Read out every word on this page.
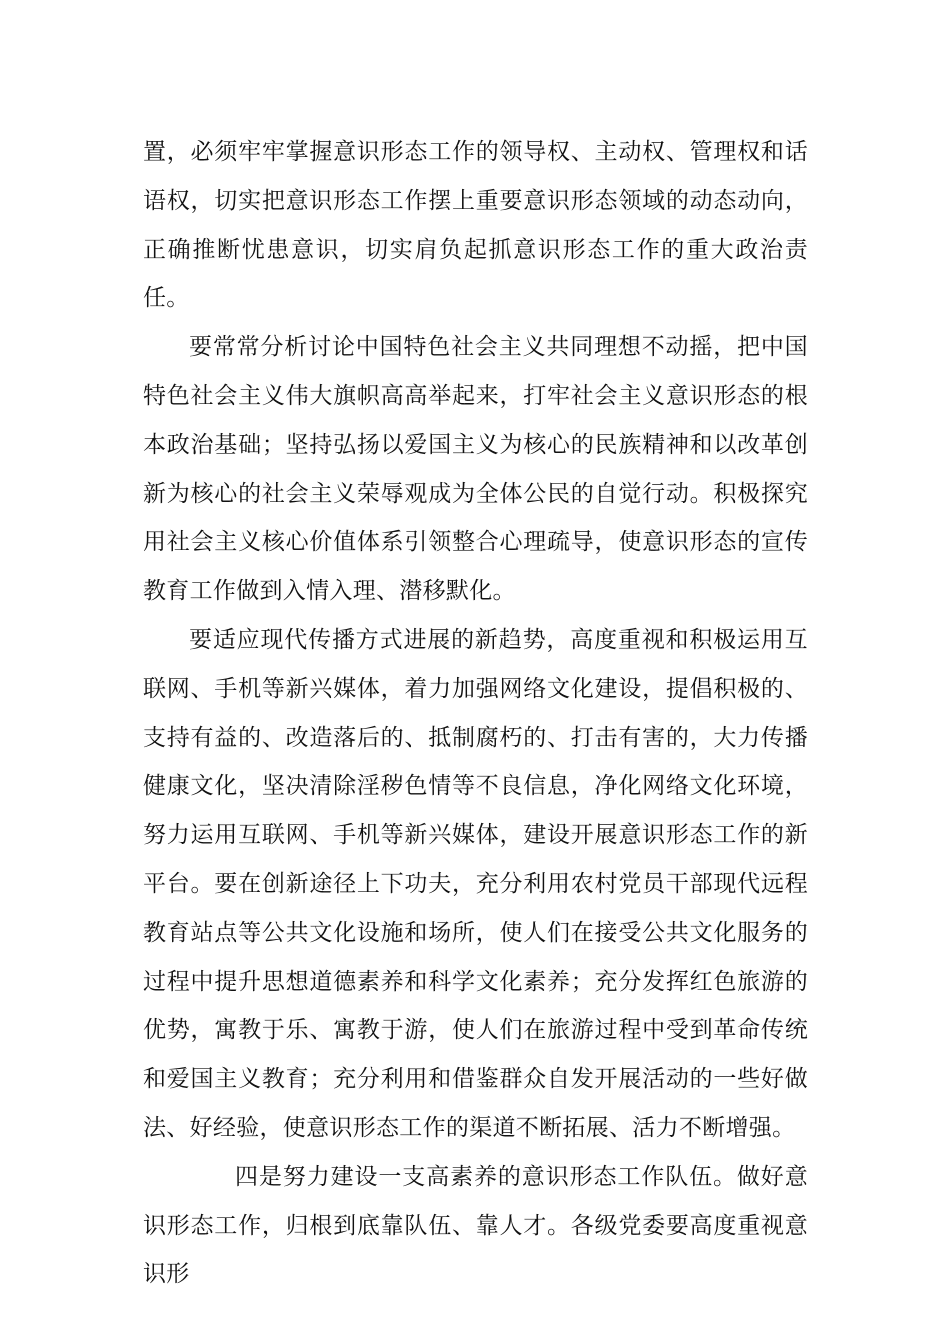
置，必须牢牢掌握意识形态工作的领导权、主动权、管理权和话语权，切实把意识形态工作摆上重要意识形态领域的动态动向，正确推断忧患意识，切实肩负起抓意识形态工作的重大政治责任。

要常常分析讨论中国特色社会主义共同理想不动摇，把中国特色社会主义伟大旗帜高高举起来，打牢社会主义意识形态的根本政治基础；坚持弘扬以爱国主义为核心的民族精神和以改革创新为核心的社会主义荣辱观成为全体公民的自觉行动。积极探究用社会主义核心价值体系引领整合心理疏导，使意识形态的宣传教育工作做到入情入理、潜移默化。

要适应现代传播方式进展的新趋势，高度重视和积极运用互联网、手机等新兴媒体，着力加强网络文化建设，提倡积极的、支持有益的、改造落后的、抵制腐朽的、打击有害的，大力传播健康文化，坚决清除淫秽色情等不良信息，净化网络文化环境，努力运用互联网、手机等新兴媒体，建设开展意识形态工作的新平台。要在创新途径上下功夫，充分利用农村党员干部现代远程教育站点等公共文化设施和场所，使人们在接受公共文化服务的过程中提升思想道德素养和科学文化素养；充分发挥红色旅游的优势，寓教于乐、寓教于游，使人们在旅游过程中受到革命传统和爱国主义教育；充分利用和借鉴群众自发开展活动的一些好做法、好经验，使意识形态工作的渠道不断拓展、活力不断增强。

四是努力建设一支高素养的意识形态工作队伍。做好意识形态工作，归根到底靠队伍、靠人才。各级党委要高度重视意识形
